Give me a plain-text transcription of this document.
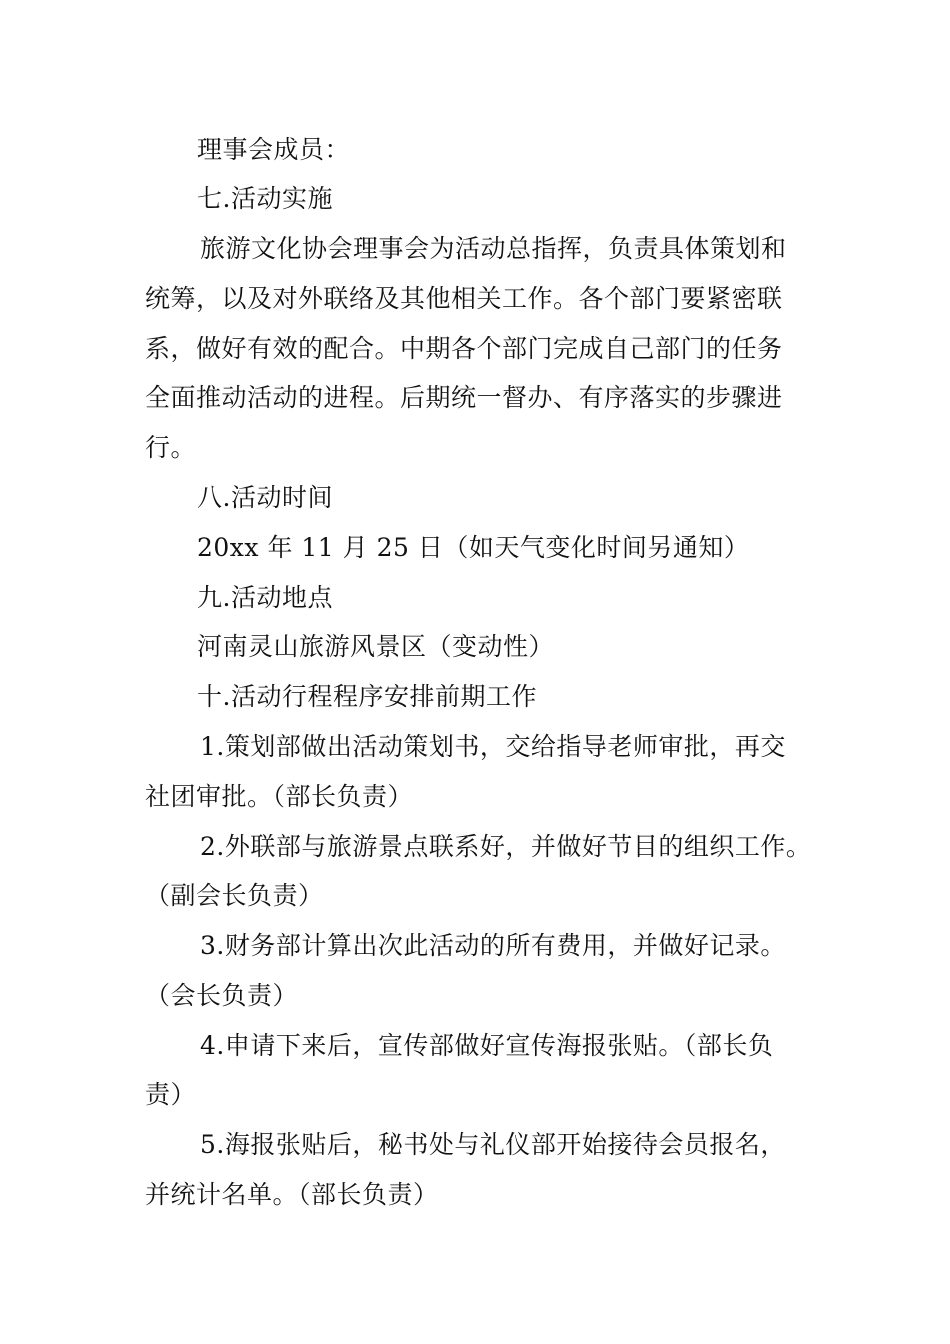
理事会成员：
七.活动实施
旅游文化协会理事会为活动总指挥，负责具体策划和
统筹，以及对外联络及其他相关工作。各个部门要紧密联
系，做好有效的配合。中期各个部门完成自己部门的任务
全面推动活动的进程。后期统一督办、有序落实的步骤进
行。
八.活动时间
20xx 年 11 月 25 日（如天气变化时间另通知）
九.活动地点
河南灵山旅游风景区（变动性）
十.活动行程程序安排前期工作
1.策划部做出活动策划书，交给指导老师审批，再交
社团审批。（部长负责）
2.外联部与旅游景点联系好，并做好节目的组织工作。
（副会长负责）
3.财务部计算出次此活动的所有费用，并做好记录。
（会长负责）
4.申请下来后，宣传部做好宣传海报张贴。（部长负
责）
5.海报张贴后，秘书处与礼仪部开始接待会员报名，
并统计名单。（部长负责）
